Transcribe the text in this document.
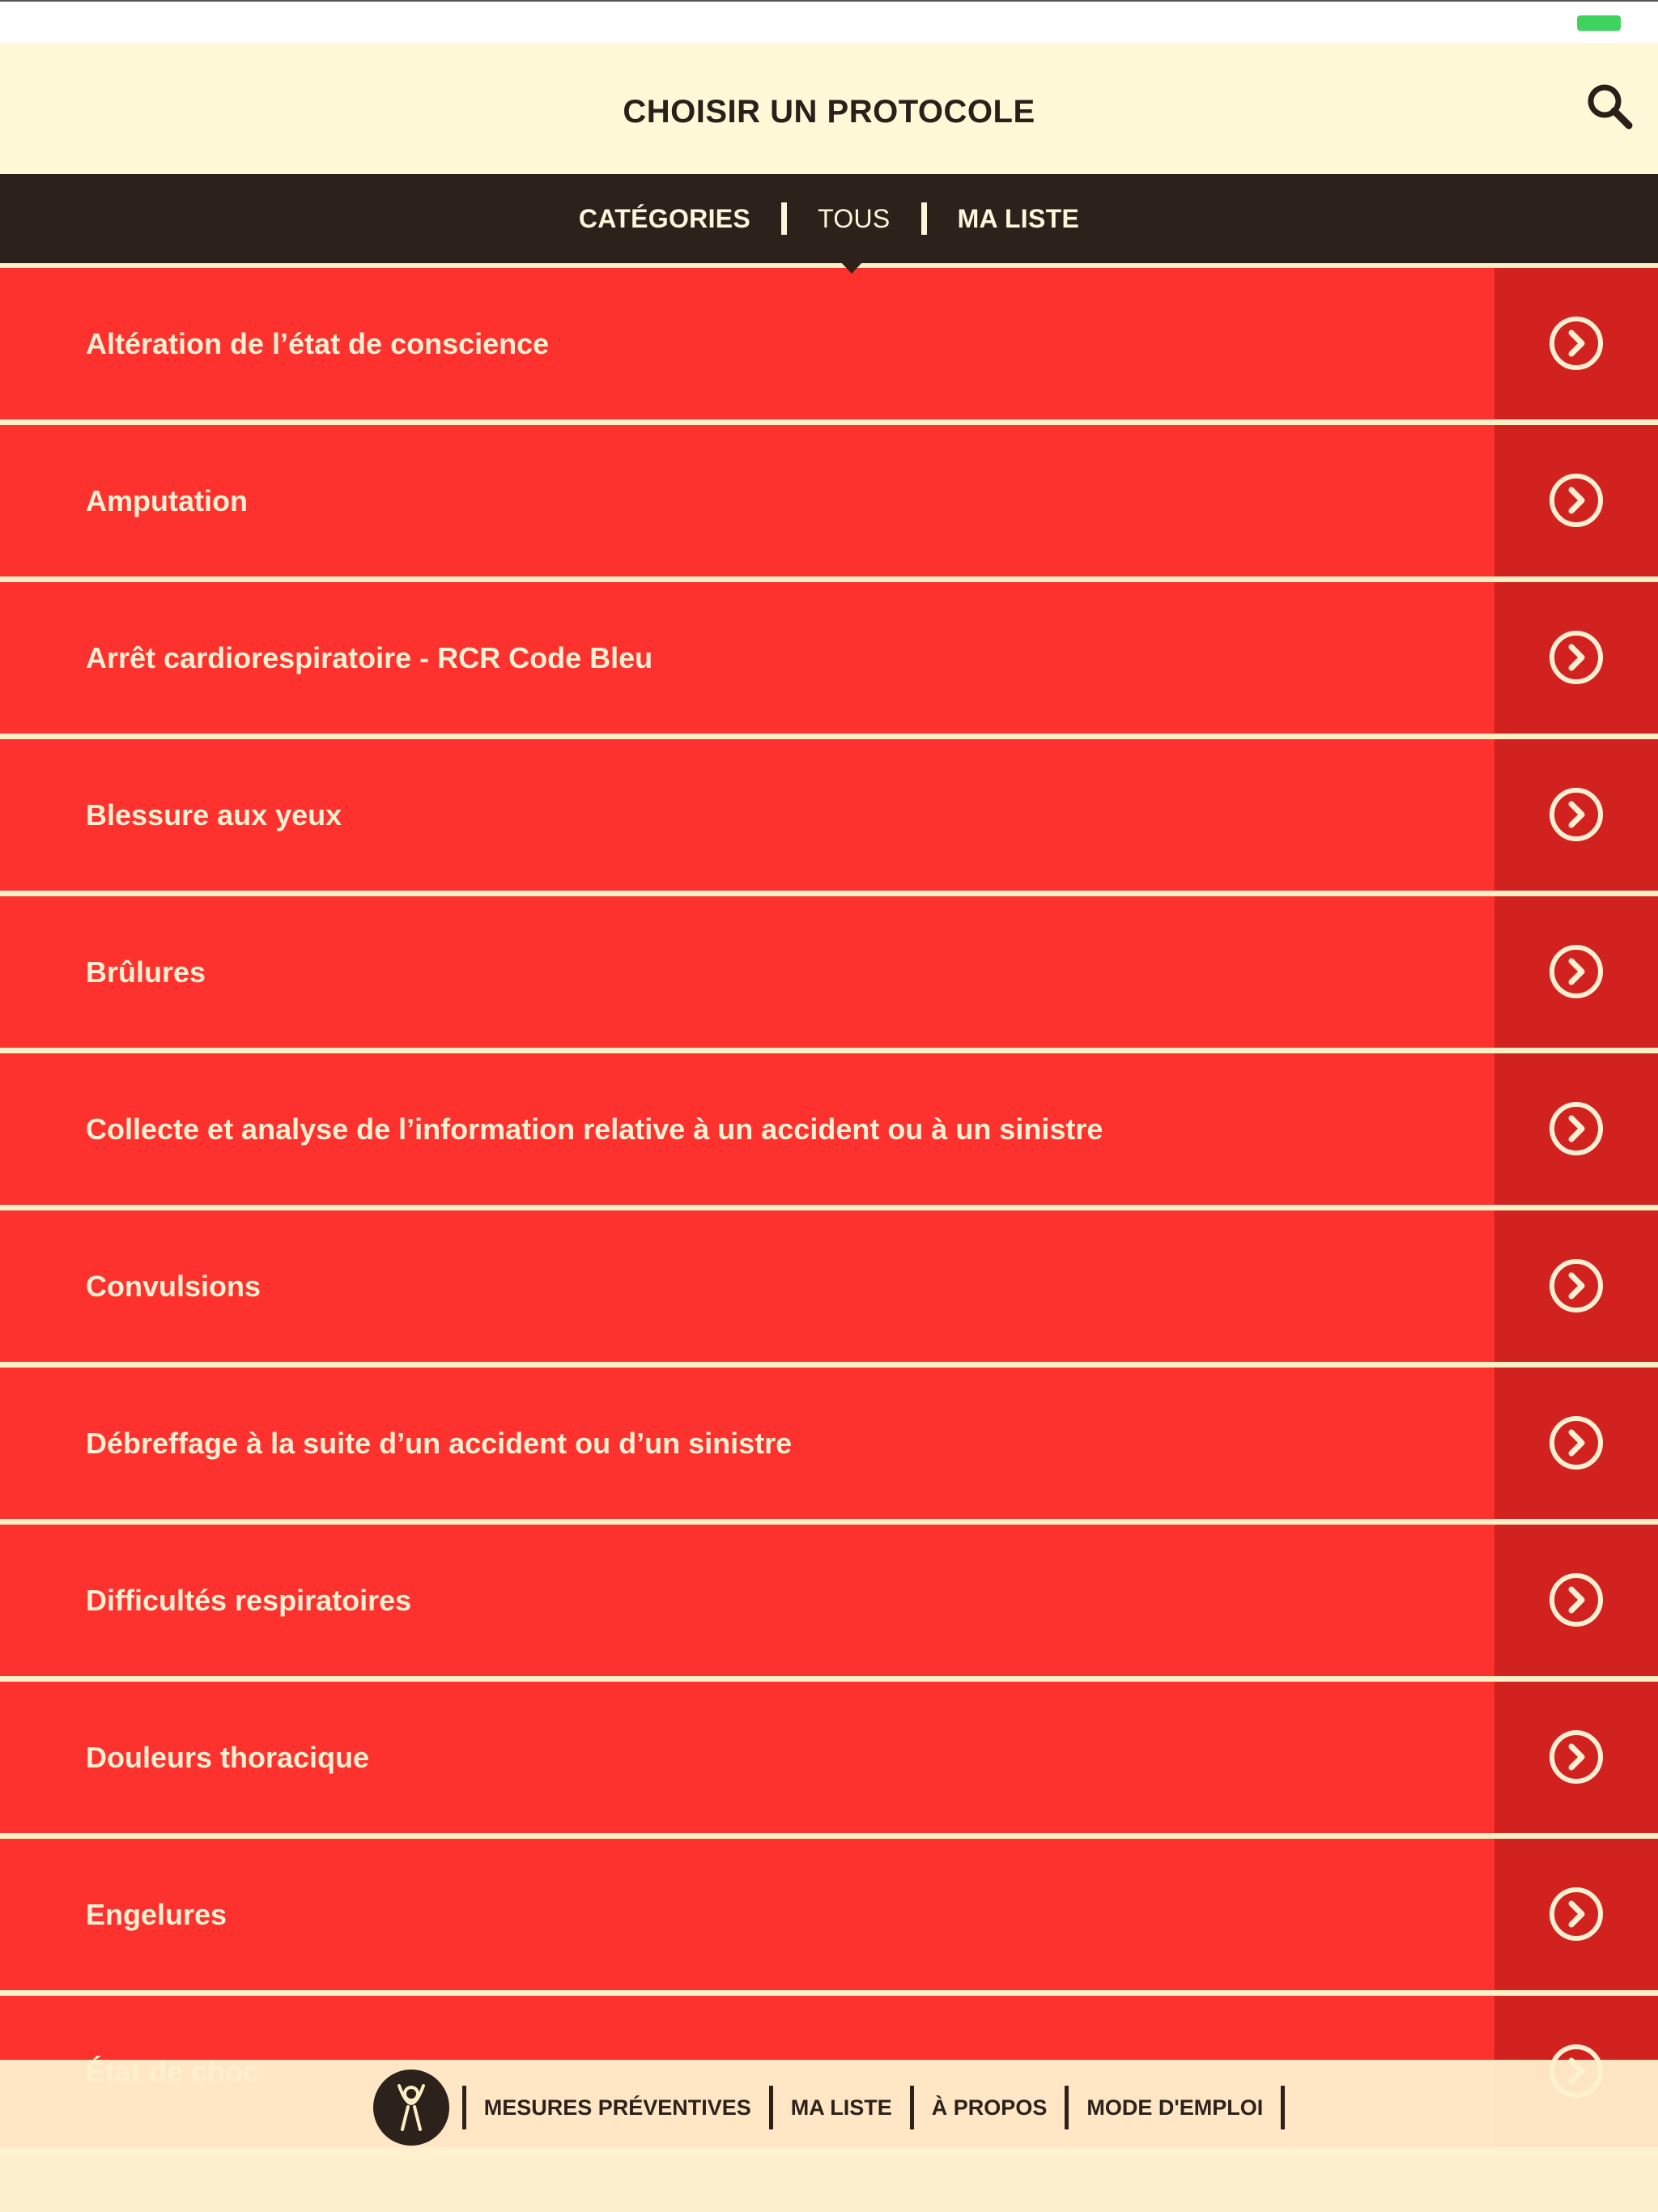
CHOISIR UN PROTOCOLE
CATÉGORIES	TOUS	MA LISTE
Altération de l’état de conscience
Amputation
Arrêt cardiorespiratoire - RCR Code Bleu
Blessure aux yeux
Brûlures
Collecte et analyse de l’information relative à un accident ou à un sinistre
Convulsions
Débreffage à la suite d’un accident ou d’un sinistre
Difficultés respiratoires
Douleurs thoracique
Engelures
MESURES PRÉVENTIVES	MA LISTE	À PROPOS	MODE D'EMPLOI
